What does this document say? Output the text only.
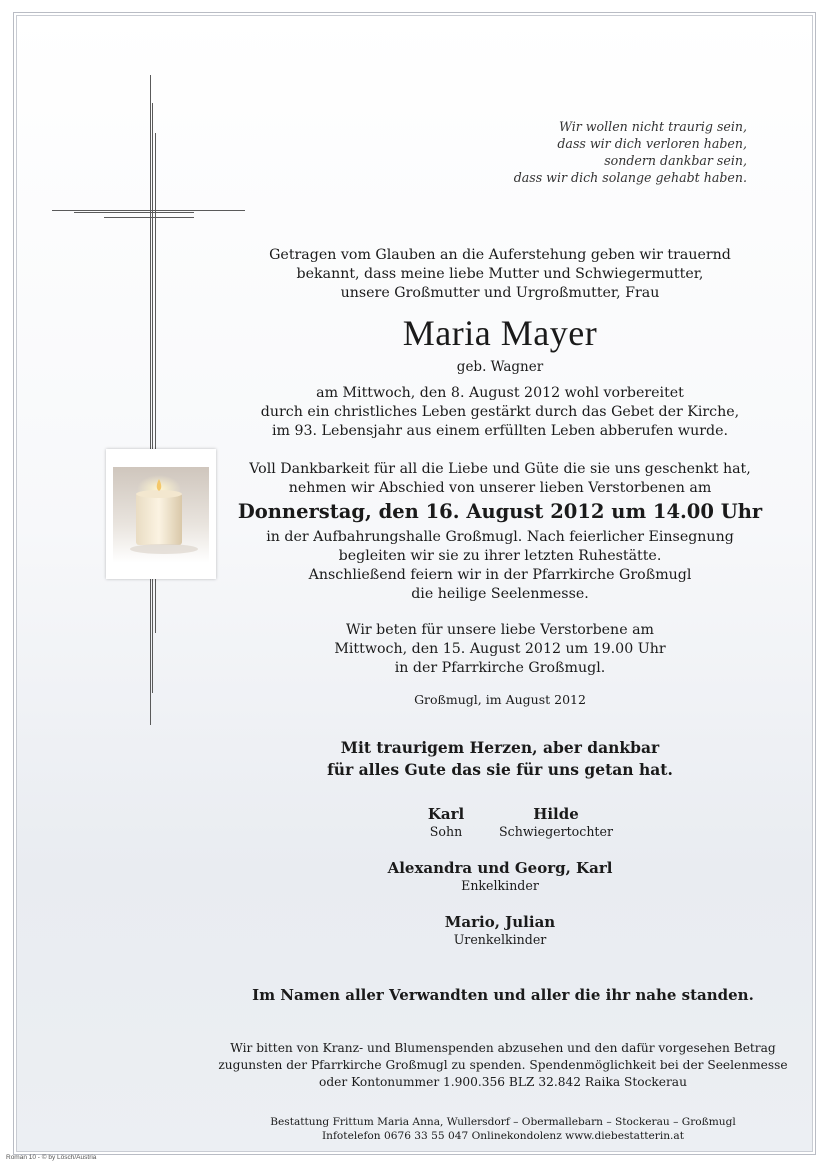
Wir wollen nicht traurig sein,
dass wir dich verloren haben,
sondern dankbar sein,
dass wir dich solange gehabt haben.
Getragen vom Glauben an die Auferstehung geben wir trauernd
bekannt, dass meine liebe Mutter und Schwiegermutter,
unsere Großmutter und Urgroßmutter, Frau
Maria Mayer
geb. Wagner
am Mittwoch, den 8. August 2012 wohl vorbereitet
durch ein christliches Leben gestärkt durch das Gebet der Kirche,
im 93. Lebensjahr aus einem erfüllten Leben abberufen wurde.
Voll Dankbarkeit für all die Liebe und Güte die sie uns geschenkt hat,
nehmen wir Abschied von unserer lieben Verstorbenen am
Donnerstag, den 16. August 2012 um 14.00 Uhr
in der Aufbahrungshalle Großmugl. Nach feierlicher Einsegnung
begleiten wir sie zu ihrer letzten Ruhestätte.
Anschließend feiern wir in der Pfarrkirche Großmugl
die heilige Seelenmesse.
Wir beten für unsere liebe Verstorbene am
Mittwoch, den 15. August 2012 um 19.00 Uhr
in der Pfarrkirche Großmugl.
Großmugl, im August 2012
Mit traurigem Herzen, aber dankbar
für alles Gute das sie für uns getan hat.
Karl
Sohn
Hilde
Schwiegertochter
Alexandra und Georg, Karl
Enkelkinder
Mario, Julian
Urenkelkinder
Im Namen aller Verwandten und aller die ihr nahe standen.
Wir bitten von Kranz- und Blumenspenden abzusehen und den dafür vorgesehen Betrag
zugunsten der Pfarrkirche Großmugl zu spenden. Spendenmöglichkeit bei der Seelenmesse
oder Kontonummer 1.900.356 BLZ 32.842 Raika Stockerau
Bestattung Frittum Maria Anna, Wullersdorf – Obermallebarn – Stockerau – Großmugl
Infotelefon 0676 33 55 047 Onlinekondolenz www.diebestatterin.at
Roman 10 - © by Lösch/Austria
